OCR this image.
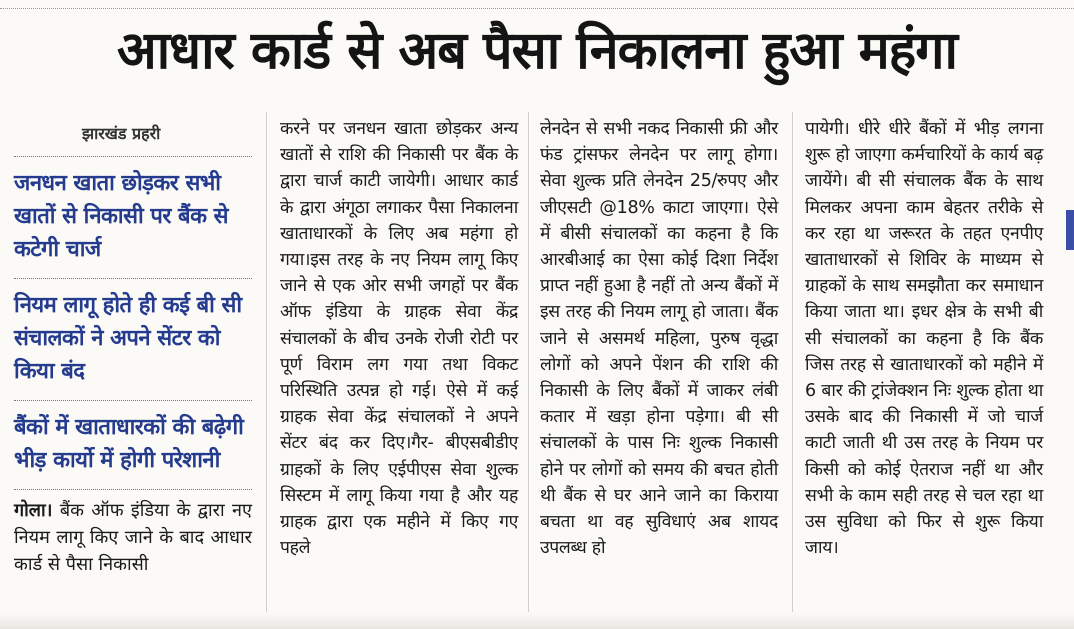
आधार कार्ड से अब पैसा निकालना हुआ महंगा
झारखंड प्रहरी
जनधन खाता छोड़कर सभी खातों से निकासी पर बैंक से कटेगी चार्ज
नियम लागू होते ही कई बी सी संचालकों ने अपने सेंटर को किया बंद
बैंकों में खाताधारकों की बढ़ेगी भीड़ कार्यो में होगी परेशानी
गोला। बैंक ऑफ इंडिया के द्वारा नए नियम लागू किए जाने के बाद आधार कार्ड से पैसा निकासी

करने पर जनधन खाता छोड़कर अन्य खातों से राशि की निकासी पर बैंक के द्वारा चार्ज काटी जायेगी। आधार कार्ड के द्वारा अंगूठा लगाकर पैसा निकालना खाताधारकों के लिए अब महंगा हो गया।इस तरह के नए नियम लागू किए जाने से एक ओर सभी जगहों पर बैंक ऑफ इंडिया के ग्राहक सेवा केंद्र संचालकों के बीच उनके रोजी रोटी पर पूर्ण विराम लग गया तथा विकट परिस्थिति उत्पन्न हो गई। ऐसे में कई ग्राहक सेवा केंद्र संचालकों ने अपने सेंटर बंद कर दिए।गैर- बीएसबीडीए ग्राहकों के लिए एईपीएस सेवा शुल्क सिस्टम में लागू किया गया है और यह ग्राहक द्वारा एक महीने में किए गए पहले

लेनदेन से सभी नकद निकासी फ्री और फंड ट्रांसफर लेनदेन पर लागू होगा। सेवा शुल्क प्रति लेनदेन 25/रुपए और जीएसटी @18% काटा जाएगा। ऐसे में बीसी संचालकों का कहना है कि आरबीआई का ऐसा कोई दिशा निर्देश प्राप्त नहीं हुआ है नहीं तो अन्य बैंकों में इस तरह की नियम लागू हो जाता। बैंक जाने से असमर्थ महिला, पुरुष वृद्धा लोगों को अपने पेंशन की राशि की निकासी के लिए बैंकों में जाकर लंबी कतार में खड़ा होना पड़ेगा। बी सी संचालकों के पास निः शुल्क निकासी होने पर लोगों को समय की बचत होती थी बैंक से घर आने जाने का किराया बचता था वह सुविधाएं अब शायद उपलब्ध हो

पायेगी। धीरे धीरे बैंकों में भीड़ लगना शुरू हो जाएगा कर्मचारियों के कार्य बढ़ जायेंगे। बी सी संचालक बैंक के साथ मिलकर अपना काम बेहतर तरीके से कर रहा था जरूरत के तहत एनपीए खाताधारकों से शिविर के माध्यम से ग्राहकों के साथ समझौता कर समाधान किया जाता था। इधर क्षेत्र के सभी बी सी संचालकों का कहना है कि बैंक जिस तरह से खाताधारकों को महीने में 6 बार की ट्रांजेक्शन निः शुल्क होता था उसके बाद की निकासी में जो चार्ज काटी जाती थी उस तरह के नियम पर किसी को कोई ऐतराज नहीं था और सभी के काम सही तरह से चल रहा था उस सुविधा को फिर से शुरू किया जाय।
